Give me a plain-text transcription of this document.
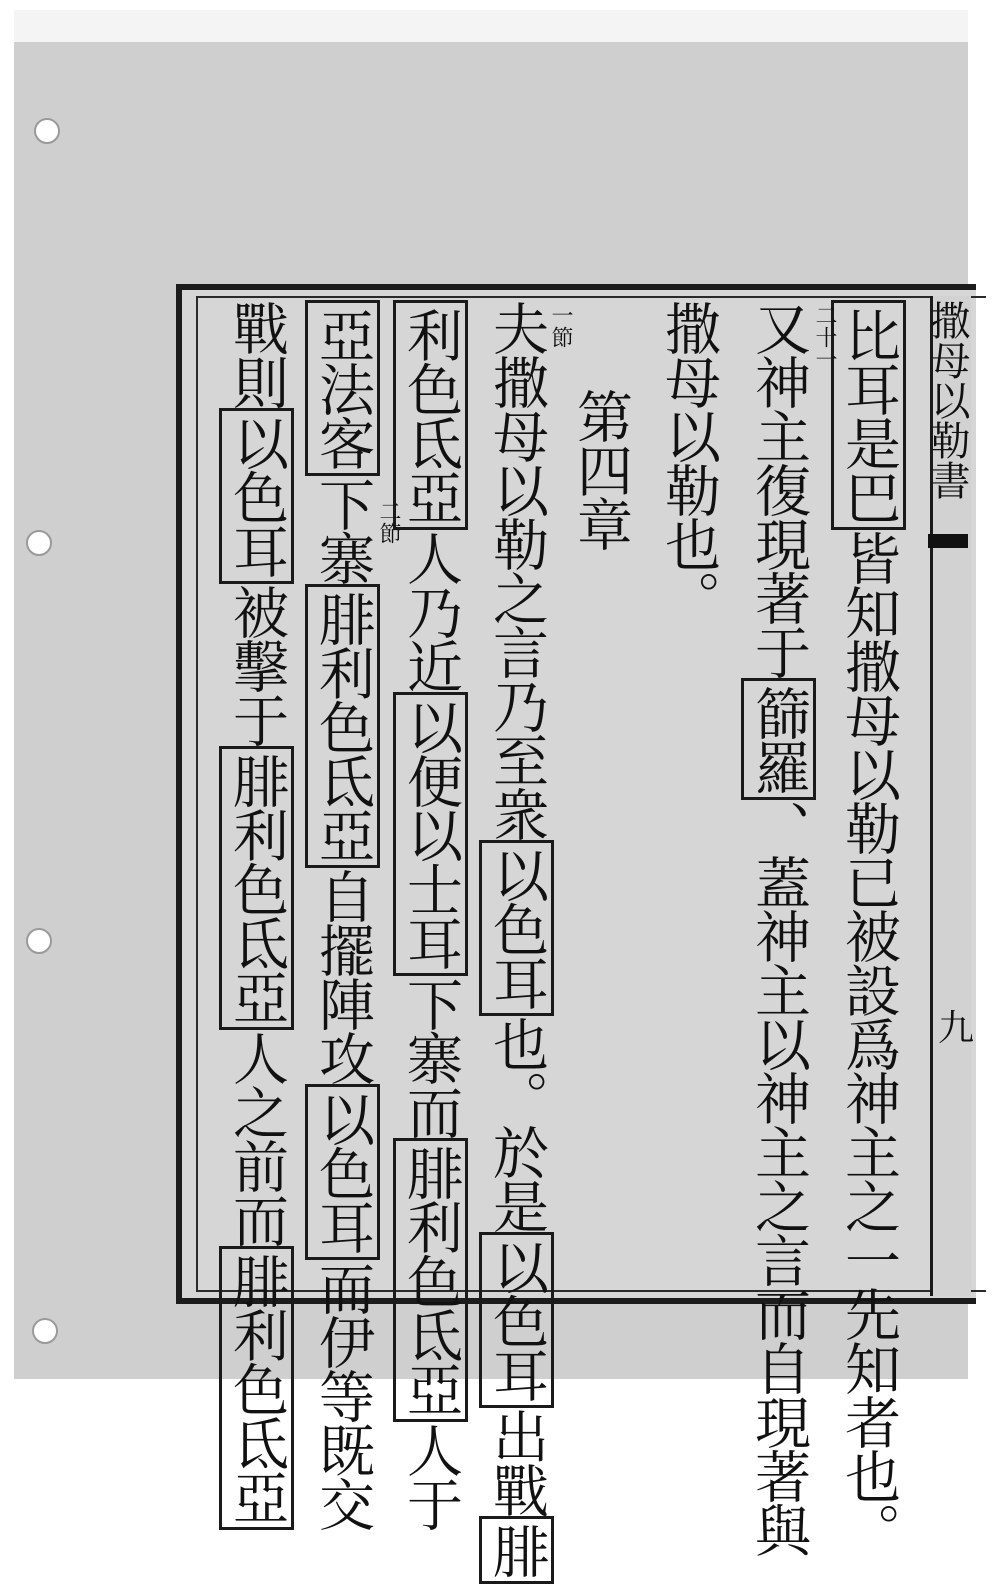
撒母以勒書
九
比耳是巴皆知撒母以勒已被設爲神主之一先知者也。
又神主復現著于篩羅、蓋神主以神主之言而自現著與
撒母以勒也。
第四章
夫撒母以勒之言乃至衆以色耳也。於是以色耳出戰腓
利色氐亞人乃近以便以士耳下寨而腓利色氐亞人于
亞法客下寨腓利色氐亞自擺陣攻以色耳而伊等既交
戰則以色耳被擊于腓利色氐亞人之前而腓利色氐亞
二十一
一節
二節
